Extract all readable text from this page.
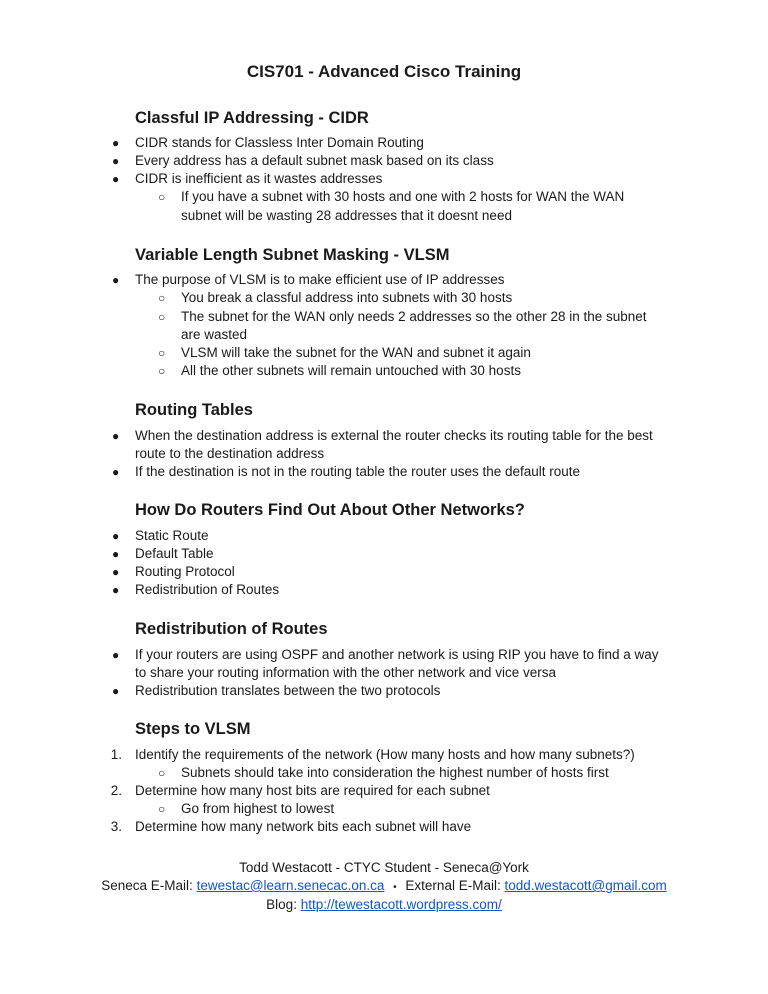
CIS701 - Advanced Cisco Training
Classful IP Addressing - CIDR
● CIDR stands for Classless Inter Domain Routing
● Every address has a default subnet mask based on its class
● CIDR is inefficient as it wastes addresses
○ If you have a subnet with 30 hosts and one with 2 hosts for WAN the WAN
subnet will be wasting 28 addresses that it doesnt need
Variable Length Subnet Masking - VLSM
● The purpose of VLSM is to make efficient use of IP addresses
○ You break a classful address into subnets with 30 hosts
○ The subnet for the WAN only needs 2 addresses so the other 28 in the subnet
are wasted
○ VLSM will take the subnet for the WAN and subnet it again
○ All the other subnets will remain untouched with 30 hosts
Routing Tables
● When the destination address is external the router checks its routing table for the best
route to the destination address
● If the destination is not in the routing table the router uses the default route
How Do Routers Find Out About Other Networks?
● Static Route
● Default Table
● Routing Protocol
● Redistribution of Routes
Redistribution of Routes
● If your routers are using OSPF and another network is using RIP you have to find a way
to share your routing information with the other network and vice versa
● Redistribution translates between the two protocols
Steps to VLSM
1. Identify the requirements of the network (How many hosts and how many subnets?)
○ Subnets should take into consideration the highest number of hosts first
2. Determine how many host bits are required for each subnet
○ Go from highest to lowest
3. Determine how many network bits each subnet will have
Todd Westacott - CTYC Student - Seneca@York
Seneca E-Mail: tewestac@learn.senecac.on.ca • External E-Mail: todd.westacott@gmail.com
Blog: http://tewestacott.wordpress.com/
